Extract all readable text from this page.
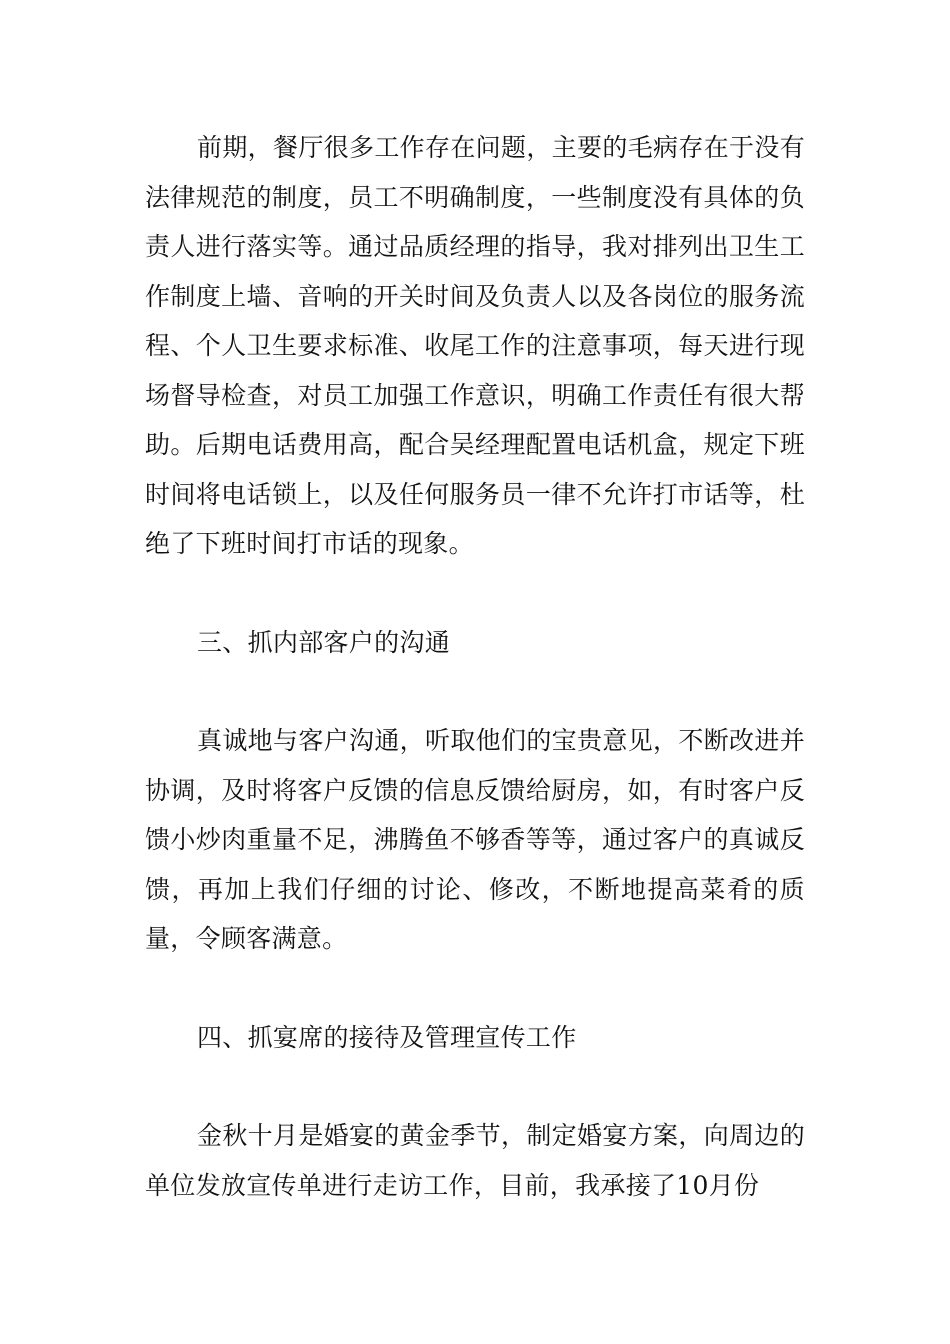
前期，餐厅很多工作存在问题，主要的毛病存在于没有法律规范的制度，员工不明确制度，一些制度没有具体的负责人进行落实等。通过品质经理的指导，我对排列出卫生工作制度上墙、音响的开关时间及负责人以及各岗位的服务流程、个人卫生要求标准、收尾工作的注意事项，每天进行现场督导检查，对员工加强工作意识，明确工作责任有很大帮助。后期电话费用高，配合吴经理配置电话机盒，规定下班时间将电话锁上，以及任何服务员一律不允许打市话等，杜绝了下班时间打市话的现象。

三、抓内部客户的沟通

真诚地与客户沟通，听取他们的宝贵意见，不断改进并协调，及时将客户反馈的信息反馈给厨房，如，有时客户反馈小炒肉重量不足，沸腾鱼不够香等等，通过客户的真诚反馈，再加上我们仔细的讨论、修改，不断地提高菜肴的质量，令顾客满意。

四、抓宴席的接待及管理宣传工作

金秋十月是婚宴的黄金季节，制定婚宴方案，向周边的单位发放宣传单进行走访工作，目前，我承接了10月份
